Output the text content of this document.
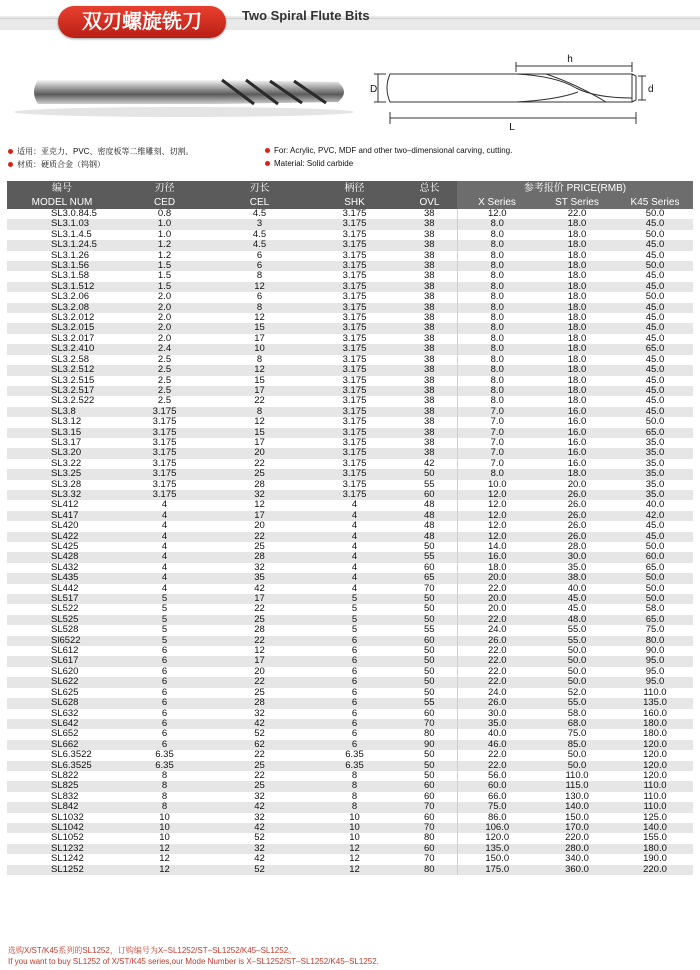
双刃螺旋铣刀	Two Spiral Flute Bits
h
D	d
L
适用：亚克力、PVC、密度板等二维雕刻、切割。
材质：硬质合金（钨钢）
For: Acrylic, PVC, MDF and other two–dimensional carving, cutting.
Material: Solid carbide
编号	刃径	刃长	柄径	总长	参考报价 PRICE(RMB)		
MODEL NUM	CED	CEL	SHK	OVL	X Series	ST Series	K45 Series
SL3.0.84.5	0.8	4.5	3.175	38	12.0	22.0	50.0
SL3.1.03	1.0	3	3.175	38	8.0	18.0	45.0
SL3.1.4.5	1.0	4.5	3.175	38	8.0	18.0	50.0
SL3.1.24.5	1.2	4.5	3.175	38	8.0	18.0	45.0
SL3.1.26	1.2	6	3.175	38	8.0	18.0	45.0
SL3.1.56	1.5	6	3.175	38	8.0	18.0	50.0
SL3.1.58	1.5	8	3.175	38	8.0	18.0	45.0
SL3.1.512	1.5	12	3.175	38	8.0	18.0	45.0
SL3.2.06	2.0	6	3.175	38	8.0	18.0	50.0
SL3.2.08	2.0	8	3.175	38	8.0	18.0	45.0
SL3.2.012	2.0	12	3.175	38	8.0	18.0	45.0
SL3.2.015	2.0	15	3.175	38	8.0	18.0	45.0
SL3.2.017	2.0	17	3.175	38	8.0	18.0	45.0
SL3.2.410	2.4	10	3.175	38	8.0	18.0	65.0
SL3.2.58	2.5	8	3.175	38	8.0	18.0	45.0
SL3.2.512	2.5	12	3.175	38	8.0	18.0	45.0
SL3.2.515	2.5	15	3.175	38	8.0	18.0	45.0
SL3.2.517	2.5	17	3.175	38	8.0	18.0	45.0
SL3.2.522	2.5	22	3.175	38	8.0	18.0	45.0
SL3.8	3.175	8	3.175	38	7.0	16.0	45.0
SL3.12	3.175	12	3.175	38	7.0	16.0	50.0
SL3.15	3.175	15	3.175	38	7.0	16.0	65.0
SL3.17	3.175	17	3.175	38	7.0	16.0	35.0
SL3.20	3.175	20	3.175	38	7.0	16.0	35.0
SL3.22	3.175	22	3.175	42	7.0	16.0	35.0
SL3.25	3.175	25	3.175	50	8.0	18.0	35.0
SL3.28	3.175	28	3.175	55	10.0	20.0	35.0
SL3.32	3.175	32	3.175	60	12.0	26.0	35.0
SL412	4	12	4	48	12.0	26.0	40.0
SL417	4	17	4	48	12.0	26.0	42.0
SL420	4	20	4	48	12.0	26.0	45.0
SL422	4	22	4	48	12.0	26.0	45.0
SL425	4	25	4	50	14.0	28.0	50.0
SL428	4	28	4	55	16.0	30.0	60.0
SL432	4	32	4	60	18.0	35.0	65.0
SL435	4	35	4	65	20.0	38.0	50.0
SL442	4	42	4	70	22.0	40.0	50.0
SL517	5	17	5	50	20.0	45.0	50.0
SL522	5	22	5	50	20.0	45.0	58.0
SL525	5	25	5	50	22.0	48.0	65.0
SL528	5	28	5	55	24.0	55.0	75.0
Sl6522	5	22	6	60	26.0	55.0	80.0
SL612	6	12	6	50	22.0	50.0	90.0
SL617	6	17	6	50	22.0	50.0	95.0
SL620	6	20	6	50	22.0	50.0	95.0
SL622	6	22	6	50	22.0	50.0	95.0
SL625	6	25	6	50	24.0	52.0	110.0
SL628	6	28	6	55	26.0	55.0	135.0
SL632	6	32	6	60	30.0	58.0	160.0
SL642	6	42	6	70	35.0	68.0	180.0
SL652	6	52	6	80	40.0	75.0	180.0
SL662	6	62	6	90	46.0	85.0	120.0
SL6.3522	6.35	22	6.35	50	22.0	50.0	120.0
SL6.3525	6.35	25	6.35	50	22.0	50.0	120.0
SL822	8	22	8	50	56.0	110.0	120.0
SL825	8	25	8	60	60.0	115.0	110.0
SL832	8	32	8	60	66.0	130.0	110.0
SL842	8	42	8	70	75.0	140.0	110.0
SL1032	10	32	10	60	86.0	150.0	125.0
SL1042	10	42	10	70	106.0	170.0	140.0
SL1052	10	52	10	80	120.0	220.0	155.0
SL1232	12	32	12	60	135.0	280.0	180.0
SL1242	12	42	12	70	150.0	340.0	190.0
SL1252	12	52	12	80	175.0	360.0	220.0
选购X/ST/K45系列的SL1252，订购编号为X–SL1252/ST–SL1252/K45–SL1252。
If you want to buy SL1252 of X/ST/K45 series,our Mode Number is X–SL1252/ST–SL1252/K45–SL1252.
